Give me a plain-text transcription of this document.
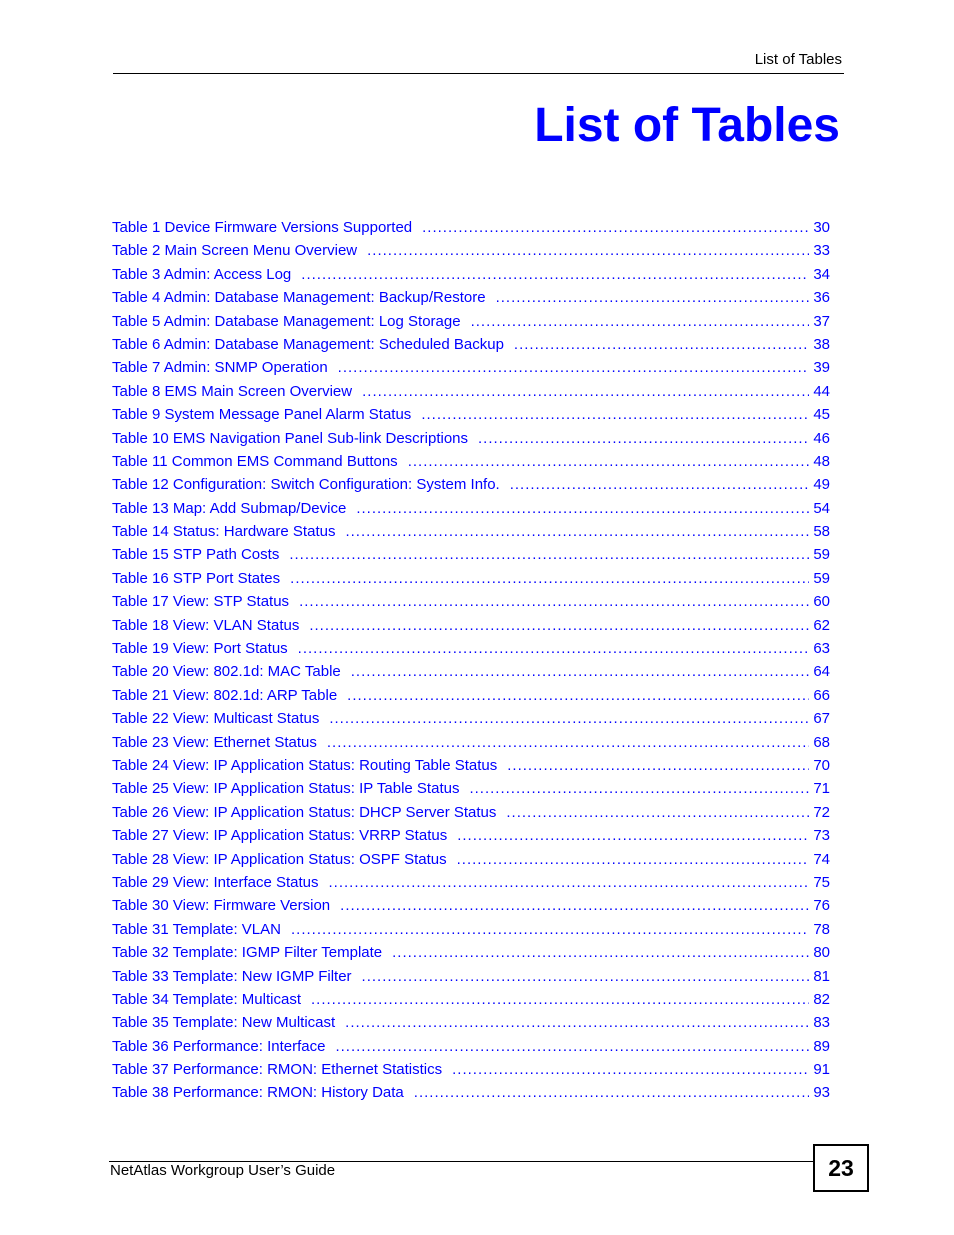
List of Tables
List of Tables
Table 1 Device Firmware Versions Supported .....	30
Table 2 Main Screen Menu Overview .....	33
Table 3 Admin: Access Log .....	34
Table 4 Admin: Database Management: Backup/Restore .....	36
Table 5 Admin: Database Management: Log Storage .....	37
Table 6 Admin: Database Management: Scheduled Backup .....	38
Table 7 Admin: SNMP Operation .....	39
Table 8 EMS Main Screen Overview .....	44
Table 9 System Message Panel Alarm Status .....	45
Table 10 EMS Navigation Panel Sub-link Descriptions .....	46
Table 11 Common EMS Command Buttons .....	48
Table 12 Configuration: Switch Configuration: System Info. .....	49
Table 13 Map: Add Submap/Device .....	54
Table 14 Status: Hardware Status .....	58
Table 15 STP Path Costs .....	59
Table 16 STP Port States .....	59
Table 17 View: STP Status .....	60
Table 18 View: VLAN Status .....	62
Table 19 View: Port Status .....	63
Table 20 View: 802.1d: MAC Table .....	64
Table 21 View: 802.1d: ARP Table .....	66
Table 22 View: Multicast Status .....	67
Table 23 View: Ethernet Status .....	68
Table 24 View: IP Application Status: Routing Table Status .....	70
Table 25 View: IP Application Status: IP Table Status .....	71
Table 26 View: IP Application Status: DHCP Server Status .....	72
Table 27 View: IP Application Status: VRRP Status .....	73
Table 28 View: IP Application Status: OSPF Status .....	74
Table 29 View: Interface Status .....	75
Table 30 View: Firmware Version .....	76
Table 31 Template: VLAN .....	78
Table 32 Template: IGMP Filter Template .....	80
Table 33 Template: New IGMP Filter .....	81
Table 34 Template: Multicast .....	82
Table 35 Template: New Multicast .....	83
Table 36 Performance: Interface .....	89
Table 37 Performance: RMON: Ethernet Statistics .....	91
Table 38 Performance: RMON: History Data .....	93
NetAtlas Workgroup User’s Guide	23
